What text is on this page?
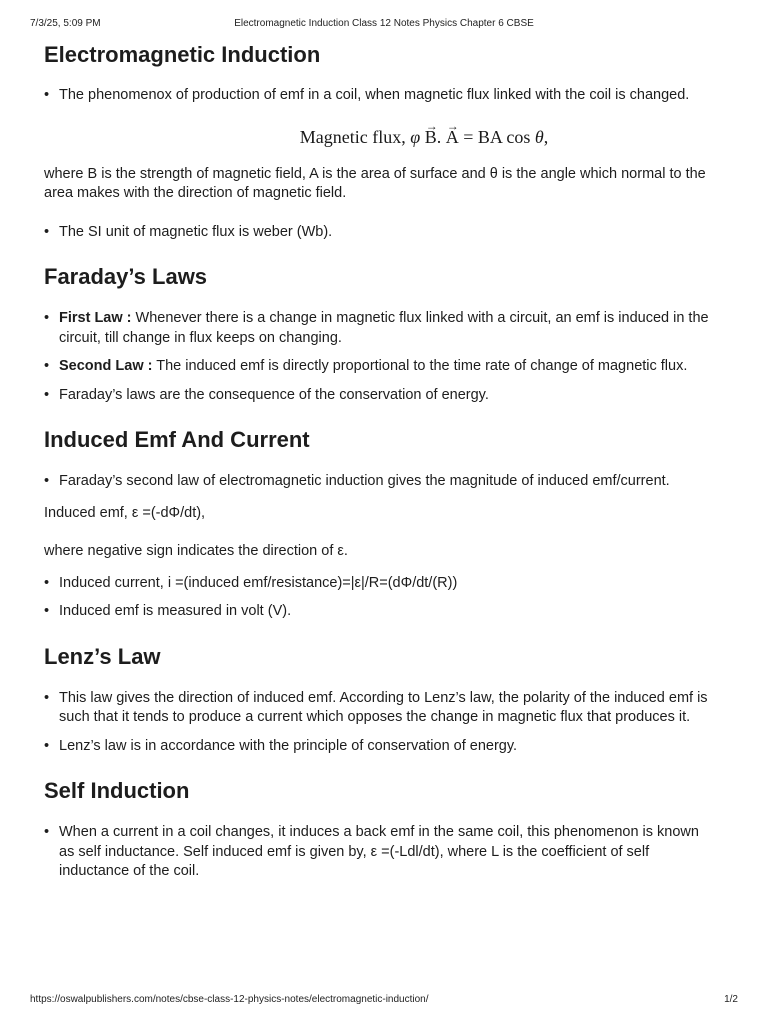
7/3/25, 5:09 PM	Electromagnetic Induction Class 12 Notes Physics Chapter 6 CBSE
Electromagnetic Induction
• The phenomenox of production of emf in a coil, when magnetic flux linked with the coil is changed.
Magnetic flux, φ → B. → A = BA cos θ,

where B is the strength of magnetic field, A is the area of surface and θ is the angle which normal to the area makes with the direction of magnetic field.

• The SI unit of magnetic flux is weber (Wb).
Faraday’s Laws
• First Law : Whenever there is a change in magnetic flux linked with a circuit, an emf is induced in the circuit, till change in flux keeps on changing.
• Second Law : The induced emf is directly proportional to the time rate of change of magnetic flux.
• Faraday’s laws are the consequence of the conservation of energy.
Induced Emf And Current
• Faraday’s second law of electromagnetic induction gives the magnitude of induced emf/current.

Induced emf, ε =(-dΦ/dt),

where negative sign indicates the direction of ε.

• Induced current, i =(induced emf/resistance)=|ε|/R=(dΦ/dt/(R))
• Induced emf is measured in volt (V).
Lenz’s Law
• This law gives the direction of induced emf. According to Lenz’s law, the polarity of the induced emf is such that it tends to produce a current which opposes the change in magnetic flux that produces it.
• Lenz’s law is in accordance with the principle of conservation of energy.
Self Induction
• When a current in a coil changes, it induces a back emf in the same coil, this phenomenon is known as self inductance. Self induced emf is given by, ε =(-Ldl/dt), where L is the coefficient of self inductance of the coil.
https://oswalpublishers.com/notes/cbse-class-12-physics-notes/electromagnetic-induction/	1/2
